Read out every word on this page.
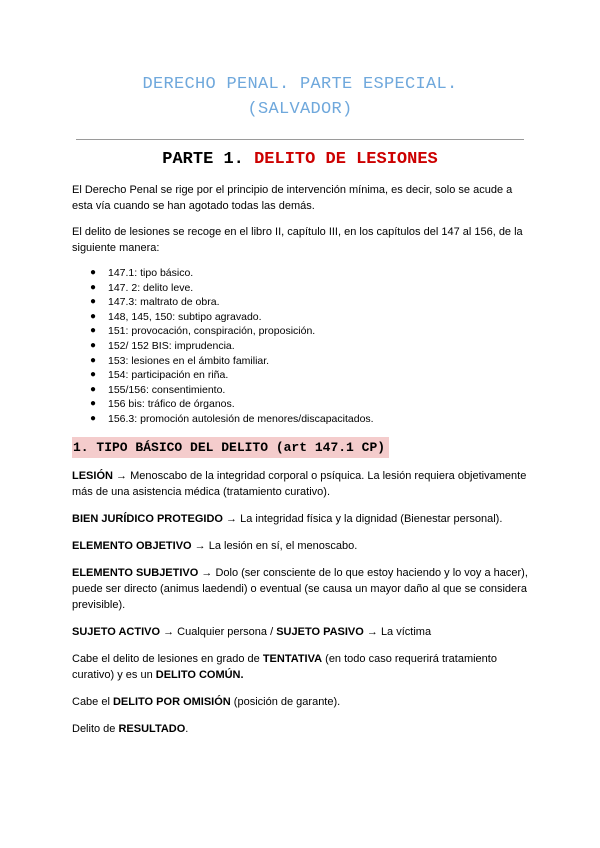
DERECHO PENAL. PARTE ESPECIAL.
(SALVADOR)
PARTE 1. DELITO DE LESIONES

El Derecho Penal se rige por el principio de intervención mínima, es decir, solo se acude a esta vía cuando se han agotado todas las demás.

El delito de lesiones se recoge en el libro II, capítulo III, en los capítulos del 147 al 156, de la siguiente manera:

● 147.1: tipo básico.
● 147. 2: delito leve.
● 147.3: maltrato de obra.
● 148, 145, 150: subtipo agravado.
● 151: provocación, conspiración, proposición.
● 152/ 152 BIS: imprudencia.
● 153: lesiones en el ámbito familiar.
● 154: participación en riña.
● 155/156: consentimiento.
● 156 bis: tráfico de órganos.
● 156.3: promoción autolesión de menores/discapacitados.
1. TIPO BÁSICO DEL DELITO (art 147.1 CP)

LESIÓN → Menoscabo de la integridad corporal o psíquica. La lesión requiera objetivamente más de una asistencia médica (tratamiento curativo).

BIEN JURÍDICO PROTEGIDO → La integridad física y la dignidad (Bienestar personal).

ELEMENTO OBJETIVO → La lesión en sí, el menoscabo.

ELEMENTO SUBJETIVO → Dolo (ser consciente de lo que estoy haciendo y lo voy a hacer), puede ser directo (animus laedendi) o eventual (se causa un mayor daño al que se considera previsible).

SUJETO ACTIVO → Cualquier persona / SUJETO PASIVO → La víctima

Cabe el delito de lesiones en grado de TENTATIVA (en todo caso requerirá tratamiento curativo) y es un DELITO COMÚN.

Cabe el DELITO POR OMISIÓN (posición de garante).

Delito de RESULTADO.
